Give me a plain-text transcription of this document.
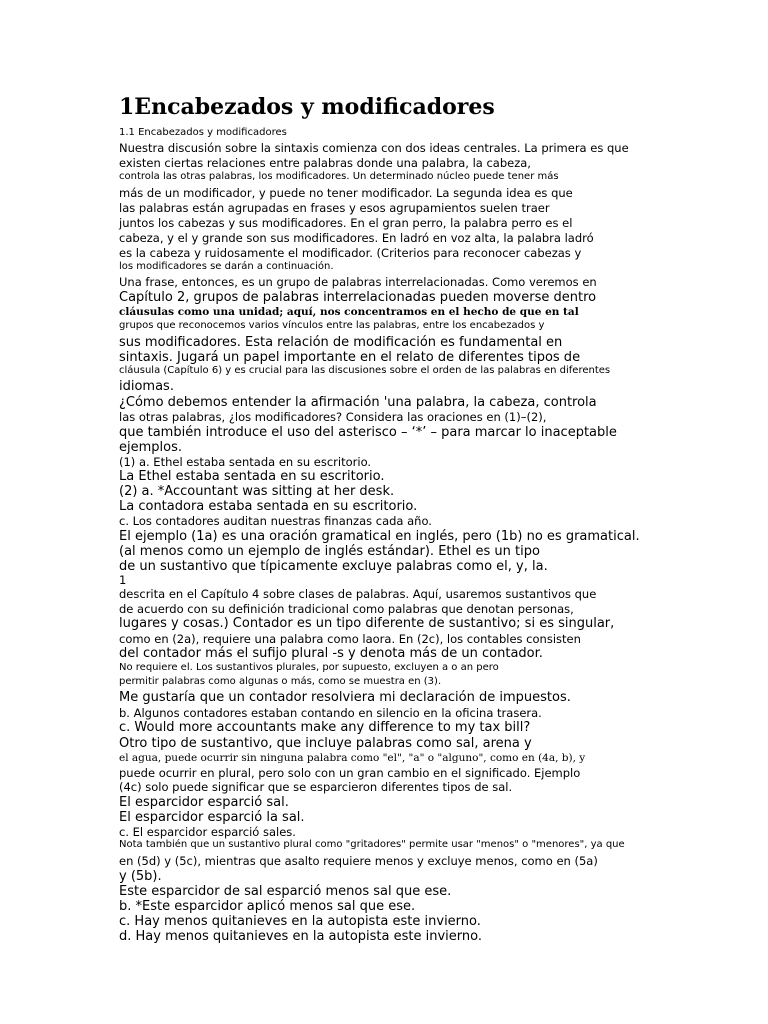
1Encabezados y modificadores

1.1 Encabezados y modificadores

Nuestra discusión sobre la sintaxis comienza con dos ideas centrales. La primera es que

existen ciertas relaciones entre palabras donde una palabra, la cabeza,

controla las otras palabras, los modificadores. Un determinado núcleo puede tener más

más de un modificador, y puede no tener modificador. La segunda idea es que

las palabras están agrupadas en frases y esos agrupamientos suelen traer

juntos los cabezas y sus modificadores. En el gran perro, la palabra perro es el

cabeza, y el y grande son sus modificadores. En ladró en voz alta, la palabra ladró

es la cabeza y ruidosamente el modificador. (Criterios para reconocer cabezas y

los modificadores se darán a continuación.

Una frase, entonces, es un grupo de palabras interrelacionadas. Como veremos en

Capítulo 2, grupos de palabras interrelacionadas pueden moverse dentro

cláusulas como una unidad; aquí, nos concentramos en el hecho de que en tal

grupos que reconocemos varios vínculos entre las palabras, entre los encabezados y

sus modificadores. Esta relación de modificación es fundamental en

sintaxis. Jugará un papel importante en el relato de diferentes tipos de

cláusula (Capítulo 6) y es crucial para las discusiones sobre el orden de las palabras en diferentes

idiomas.

¿Cómo debemos entender la afirmación 'una palabra, la cabeza, controla

las otras palabras, ¿los modificadores? Considera las oraciones en (1)–(2),

que también introduce el uso del asterisco – ‘*’ – para marcar lo inaceptable

ejemplos.

(1) a. Ethel estaba sentada en su escritorio.

La Ethel estaba sentada en su escritorio.

(2) a. *Accountant was sitting at her desk.

La contadora estaba sentada en su escritorio.

c. Los contadores auditan nuestras finanzas cada año.

El ejemplo (1a) es una oración gramatical en inglés, pero (1b) no es gramatical.

(al menos como un ejemplo de inglés estándar). Ethel es un tipo

de un sustantivo que típicamente excluye palabras como el, y, la.

1

descrita en el Capítulo 4 sobre clases de palabras. Aquí, usaremos sustantivos que

de acuerdo con su definición tradicional como palabras que denotan personas,

lugares y cosas.) Contador es un tipo diferente de sustantivo; si es singular,

como en (2a), requiere una palabra como laora. En (2c), los contables consisten

del contador más el sufijo plural -s y denota más de un contador.

No requiere el. Los sustantivos plurales, por supuesto, excluyen a o an pero

permitir palabras como algunas o más, como se muestra en (3).

Me gustaría que un contador resolviera mi declaración de impuestos.

b. Algunos contadores estaban contando en silencio en la oficina trasera.

c. Would more accountants make any difference to my tax bill?

Otro tipo de sustantivo, que incluye palabras como sal, arena y

el agua, puede ocurrir sin ninguna palabra como "el", "a" o "alguno", como en (4a, b), y

puede ocurrir en plural, pero solo con un gran cambio en el significado. Ejemplo

(4c) solo puede significar que se esparcieron diferentes tipos de sal.

El esparcidor esparció sal.

El esparcidor esparció la sal.

c. El esparcidor esparció sales.

Nota también que un sustantivo plural como "gritadores" permite usar "menos" o "menores", ya que

en (5d) y (5c), mientras que asalto requiere menos y excluye menos, como en (5a)

y (5b).

Este esparcidor de sal esparció menos sal que ese.

b. *Este esparcidor aplicó menos sal que ese.

c. Hay menos quitanieves en la autopista este invierno.

d. Hay menos quitanieves en la autopista este invierno.
